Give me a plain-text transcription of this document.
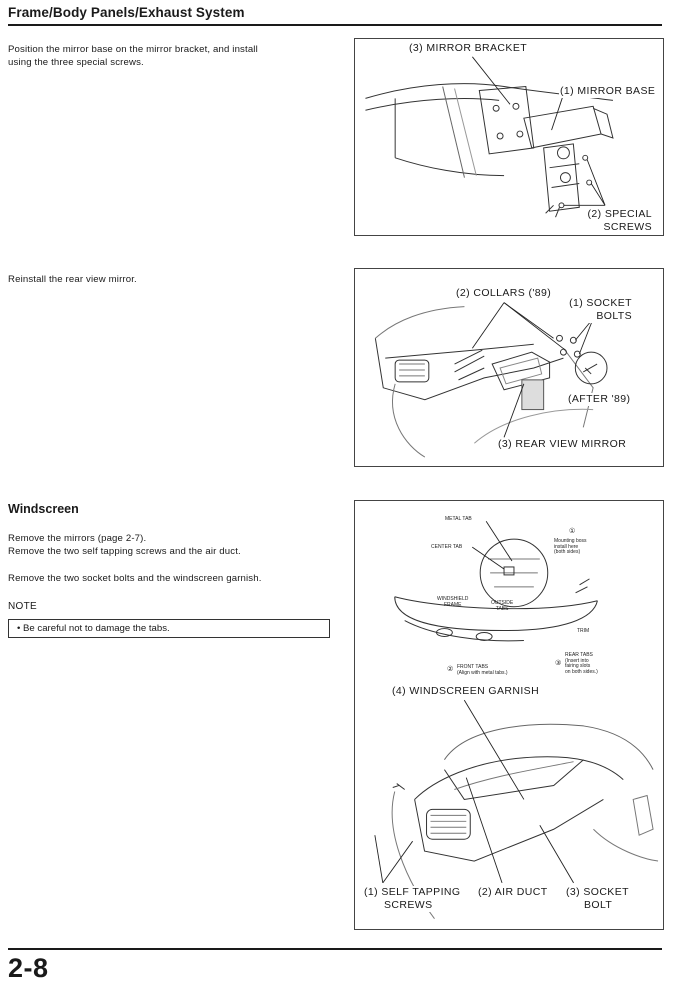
Frame/Body Panels/Exhaust System
Position the mirror base on the mirror bracket, and install
using the three special screws.
(3) MIRROR BRACKET
(1) MIRROR BASE
(2) SPECIAL
SCREWS
Reinstall the rear view mirror.
(2) COLLARS ('89)
(1) SOCKET
BOLTS
(AFTER '89)
(3) REAR VIEW MIRROR
Windscreen
Remove the mirrors (page 2-7).
Remove the two self tapping screws and the air duct.
Remove the two socket bolts and the windscreen garnish.
NOTE
• Be careful not to damage the tabs.
METAL TAB
CENTER TAB
①
Mounting boss
install here
(both sides)
WINDSHIELD
FRAME	OUTSIDE
TABS
TRIM
REAR TABS
(Insert into
fairing slots
on both sides.)
③
② FRONT TABS
(Align with metal tabs.)
(4) WINDSCREEN GARNISH
(1) SELF TAPPING
SCREWS
(2) AIR DUCT (3) SOCKET
BOLT
2-8
